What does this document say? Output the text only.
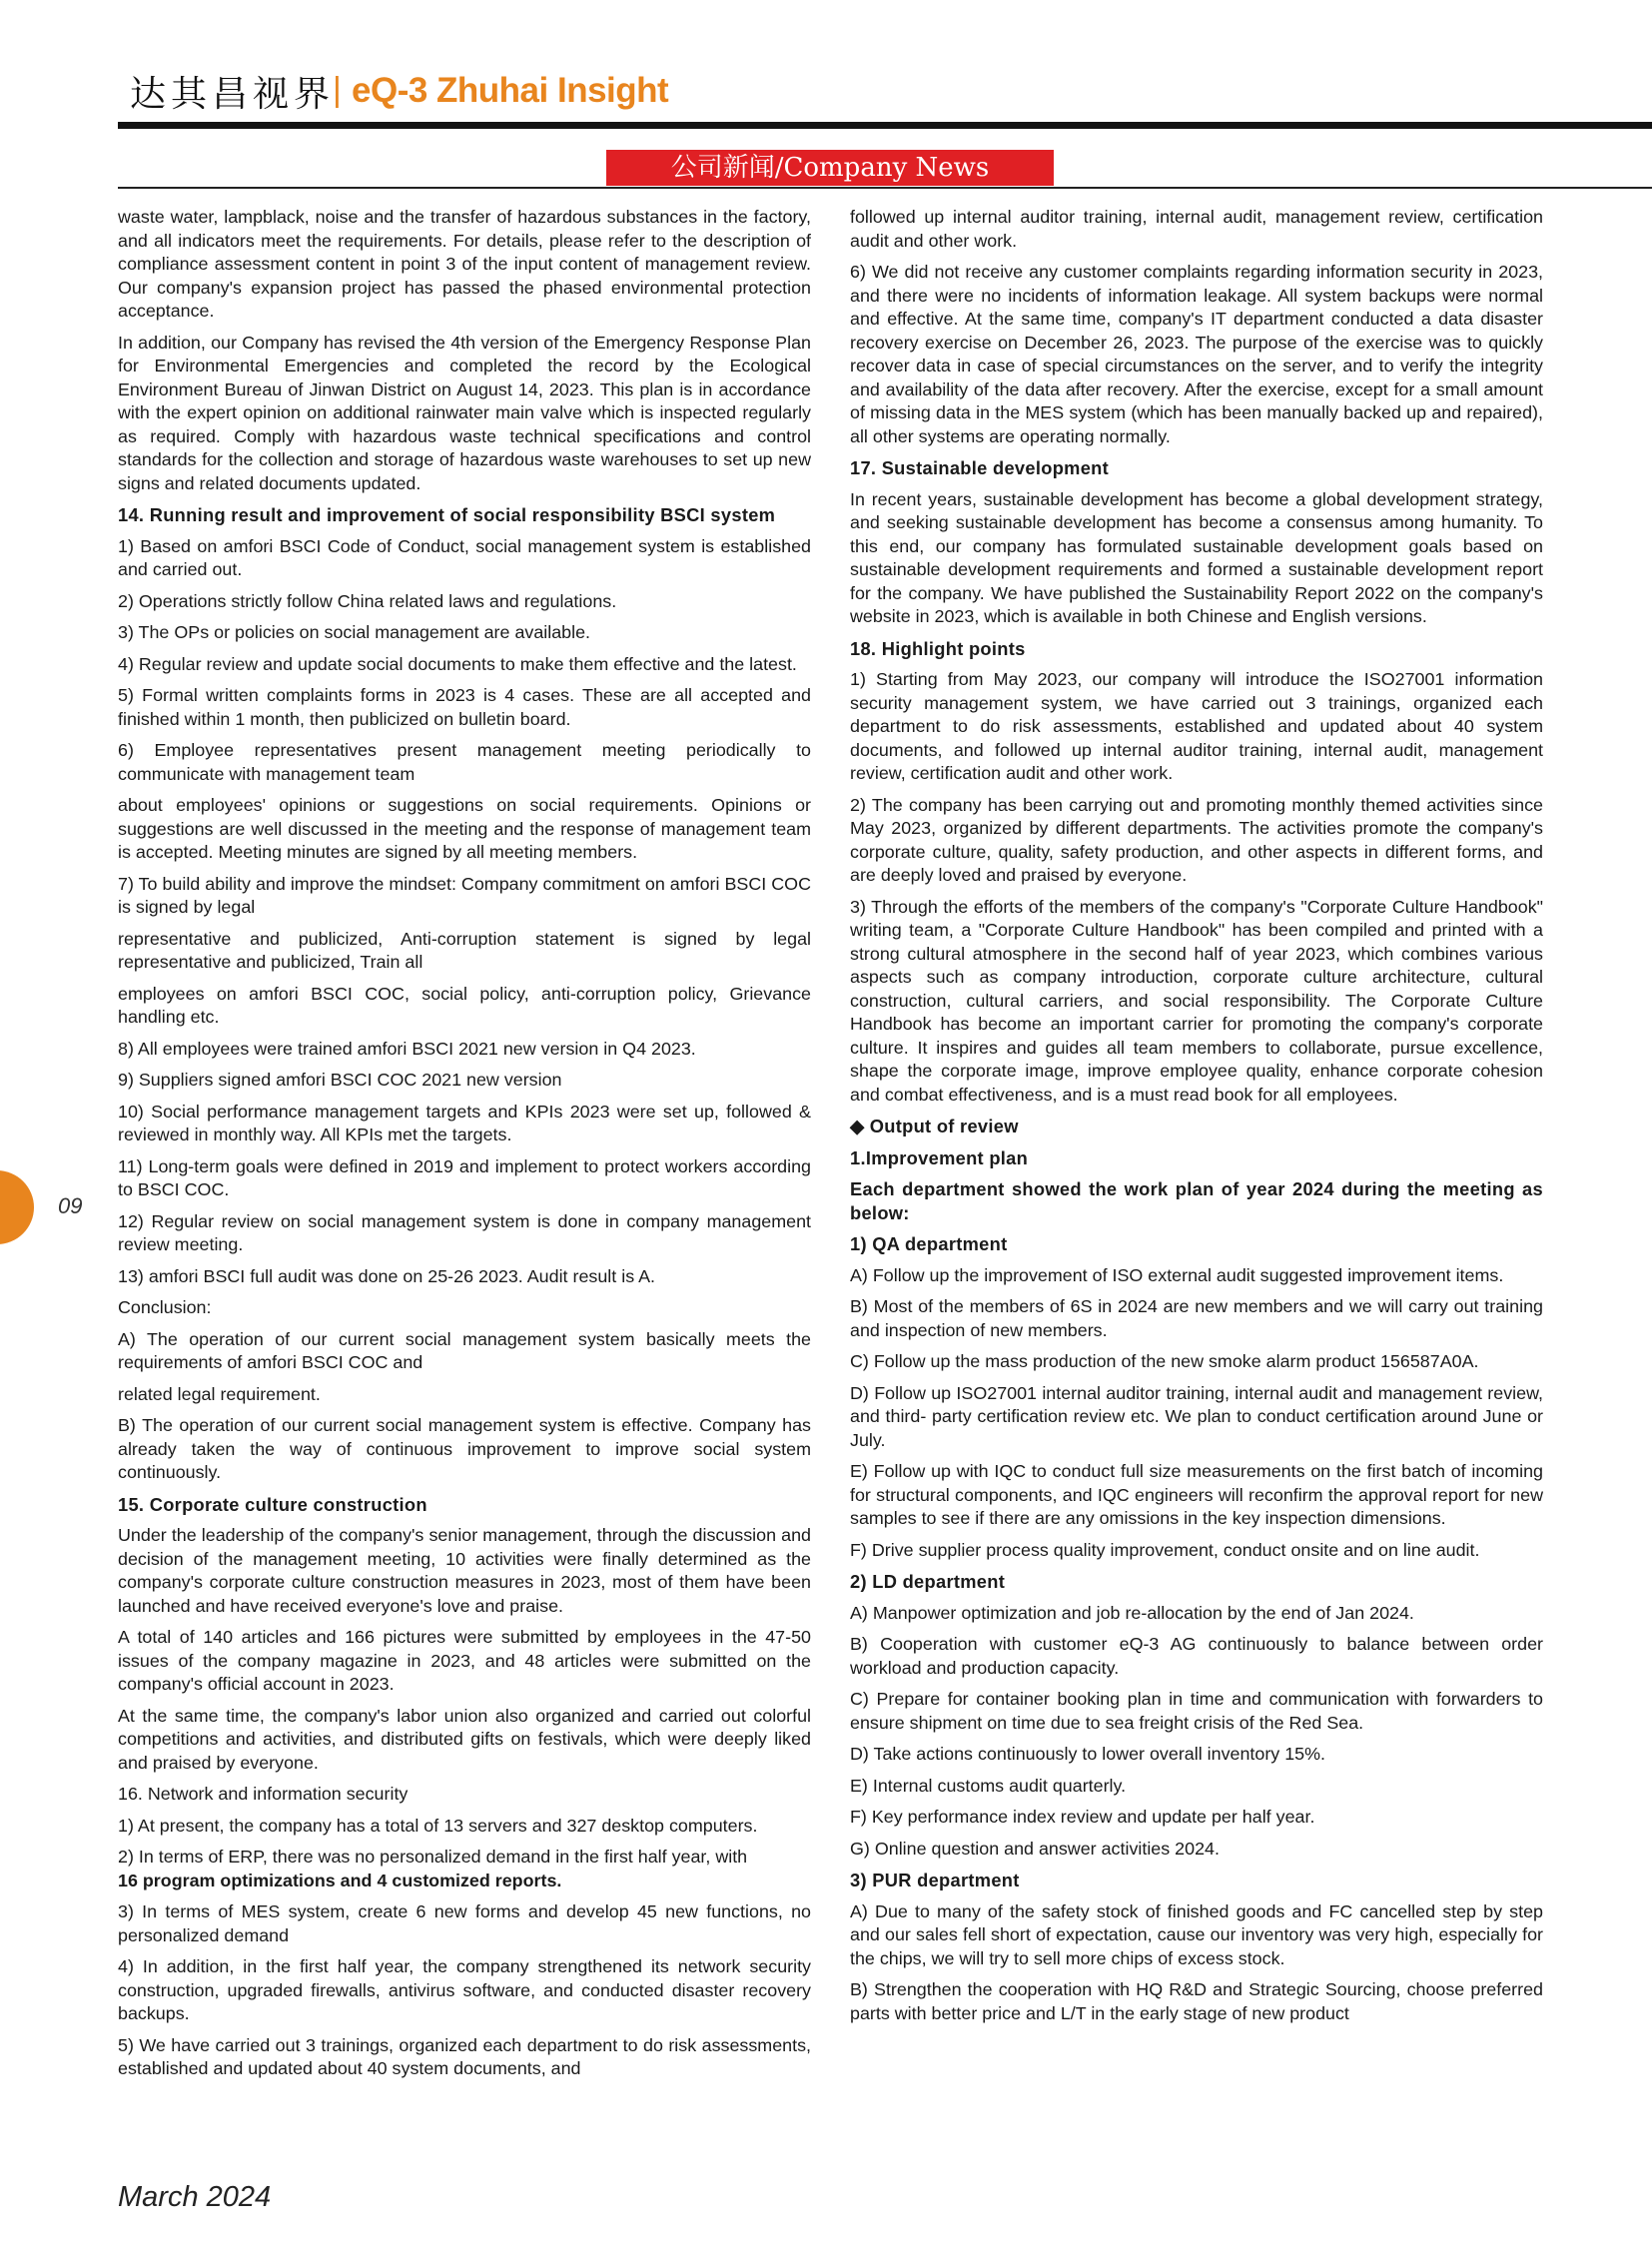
达其昌视界
| eQ-3 Zhuhai Insight
公司新闻/Company News

waste water, lampblack, noise and the transfer of hazardous substances in the factory, and all indicators meet the requirements. For details, please refer to the description of compliance assessment content in point 3 of the input content of management review. Our company's expansion project has passed the phased environmental protection acceptance.

In addition, our Company has revised the 4th version of the Emergency Response Plan for Environmental Emergencies and completed the record by the Ecological Environment Bureau of Jinwan District on August 14, 2023. This plan is in accordance with the expert opinion on additional rainwater main valve which is inspected regularly as required. Comply with hazardous waste technical specifications and control standards for the collection and storage of hazardous waste warehouses to set up new signs and related documents updated.

14. Running result and improvement of social responsibility BSCI system

1) Based on amfori BSCI Code of Conduct, social management system is established and carried out.

2) Operations strictly follow China related laws and regulations.

3) The OPs or policies on social management are available.

4) Regular review and update social documents to make them effective and the latest.

5) Formal written complaints forms in 2023 is 4 cases. These are all accepted and finished within 1 month, then publicized on bulletin board.

6) Employee representatives present management meeting periodically to communicate with management team

about employees' opinions or suggestions on social requirements. Opinions or suggestions are well discussed in the meeting and the response of management team is accepted. Meeting minutes are signed by all meeting members.

7) To build ability and improve the mindset: Company commitment on amfori BSCI COC is signed by legal

representative and publicized, Anti-corruption statement is signed by legal representative and publicized, Train all

employees on amfori BSCI COC, social policy, anti-corruption policy, Grievance handling etc.

8) All employees were trained amfori BSCI 2021 new version in Q4 2023.

9) Suppliers signed amfori BSCI COC 2021 new version

10) Social performance management targets and KPIs 2023 were set up, followed & reviewed in monthly way. All KPIs met the targets.

11) Long-term goals were defined in 2019 and implement to protect workers according to BSCI COC.

12) Regular review on social management system is done in company management review meeting.

13) amfori BSCI full audit was done on 25-26 2023. Audit result is A.

Conclusion:

A) The operation of our current social management system basically meets the requirements of amfori BSCI COC and

related legal requirement.

B) The operation of our current social management system is effective. Company has already taken the way of continuous improvement to improve social system continuously.

15. Corporate culture construction

Under the leadership of the company's senior management, through the discussion and decision of the management meeting, 10 activities were finally determined as the company's corporate culture construction measures in 2023, most of them have been launched and have received everyone's love and praise.

A total of 140 articles and 166 pictures were submitted by employees in the 47-50 issues of the company magazine in 2023, and 48 articles were submitted on the company's official account in 2023.

At the same time, the company's labor union also organized and carried out colorful competitions and activities, and distributed gifts on festivals, which were deeply liked and praised by everyone.

16. Network and information security

1) At present, the company has a total of 13 servers and 327 desktop computers.

2) In terms of ERP, there was no personalized demand in the first half year, with
16 program optimizations and 4 customized reports.

3) In terms of MES system, create 6 new forms and develop 45 new functions, no personalized demand

4) In addition, in the first half year, the company strengthened its network security construction, upgraded firewalls, antivirus software, and conducted disaster recovery backups.

5) We have carried out 3 trainings, organized each department to do risk assessments, established and updated about 40 system documents, and

followed up internal auditor training, internal audit, management review, certification audit and other work.

6) We did not receive any customer complaints regarding information security in 2023, and there were no incidents of information leakage. All system backups were normal and effective. At the same time, company's IT department conducted a data disaster recovery exercise on December 26, 2023. The purpose of the exercise was to quickly recover data in case of special circumstances on the server, and to verify the integrity and availability of the data after recovery. After the exercise, except for a small amount of missing data in the MES system (which has been manually backed up and repaired), all other systems are operating normally.

17. Sustainable development

In recent years, sustainable development has become a global development strategy, and seeking sustainable development has become a consensus among humanity. To this end, our company has formulated sustainable development goals based on sustainable development requirements and formed a sustainable development report for the company. We have published the Sustainability Report 2022 on the company's website in 2023, which is available in both Chinese and English versions.

18. Highlight points

1) Starting from May 2023, our company will introduce the ISO27001 information security management system, we have carried out 3 trainings, organized each department to do risk assessments, established and updated about 40 system documents, and followed up internal auditor training, internal audit, management review, certification audit and other work.

2) The company has been carrying out and promoting monthly themed activities since May 2023, organized by different departments. The activities promote the company's corporate culture, quality, safety production, and other aspects in different forms, and are deeply loved and praised by everyone.

3) Through the efforts of the members of the company's "Corporate Culture Handbook" writing team, a "Corporate Culture Handbook" has been compiled and printed with a strong cultural atmosphere in the second half of year 2023, which combines various aspects such as company introduction, corporate culture architecture, cultural construction, cultural carriers, and social responsibility. The Corporate Culture Handbook has become an important carrier for promoting the company's corporate culture. It inspires and guides all team members to collaborate, pursue excellence, shape the corporate image, improve employee quality, enhance corporate cohesion and combat effectiveness, and is a must read book for all employees.

◆ Output of review
1.Improvement plan
Each department showed the work plan of year 2024 during the meeting as below:
1) QA department

A) Follow up the improvement of ISO external audit suggested improvement items.

B) Most of the members of 6S in 2024 are new members and we will carry out training and inspection of new members.

C) Follow up the mass production of the new smoke alarm product 156587A0A.

D) Follow up ISO27001 internal auditor training, internal audit and management review, and third- party certification review etc. We plan to conduct certification around June or July.

E) Follow up with IQC to conduct full size measurements on the first batch of incoming for structural components, and IQC engineers will reconfirm the approval report for new samples to see if there are any omissions in the key inspection dimensions.

F) Drive supplier process quality improvement, conduct onsite and on line audit.

2) LD department

A) Manpower optimization and job re-allocation by the end of Jan 2024.

B) Cooperation with customer eQ-3 AG continuously to balance between order workload and production capacity.

C) Prepare for container booking plan in time and communication with forwarders to ensure shipment on time due to sea freight crisis of the Red Sea.

D) Take actions continuously to lower overall inventory 15%.

E) Internal customs audit quarterly.

F) Key performance index review and update per half year.

G) Online question and answer activities 2024.

3) PUR department

A) Due to many of the safety stock of finished goods and FC cancelled step by step and our sales fell short of expectation, cause our inventory was very high, especially for the chips, we will try to sell more chips of excess stock.

B) Strengthen the cooperation with HQ R&D and Strategic Sourcing, choose preferred parts with better price and L/T in the early stage of new product

09
March 2024
